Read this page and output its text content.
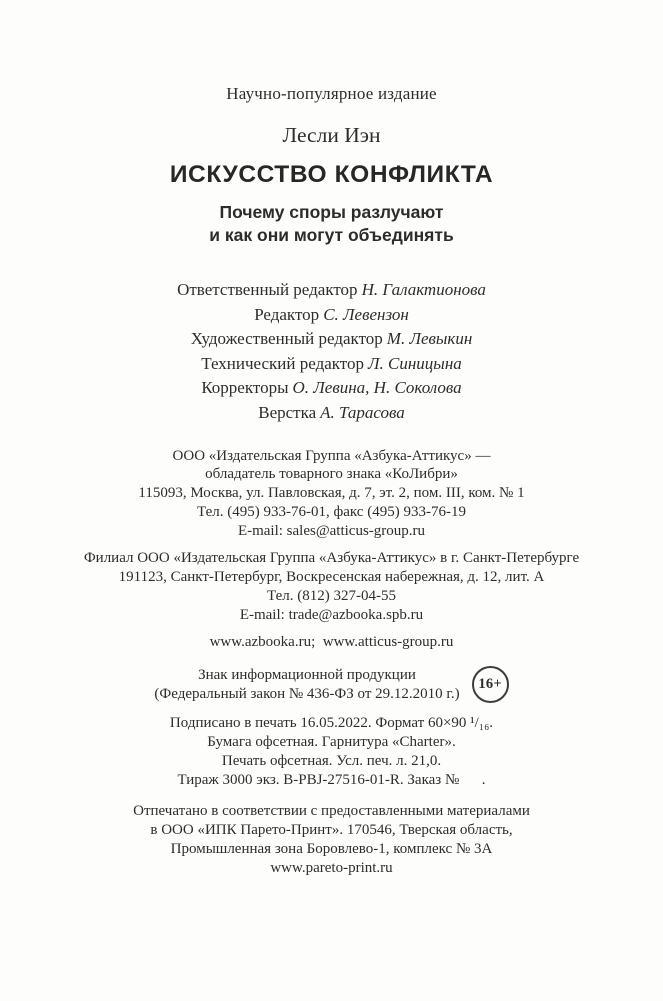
Научно-популярное издание
Лесли Иэн
ИСКУССТВО КОНФЛИКТА
Почему споры разлучают
и как они могут объединять
Ответственный редактор Н. Галактионова
Редактор С. Левензон
Художественный редактор М. Левыкин
Технический редактор Л. Синицына
Корректоры О. Левина, Н. Соколова
Верстка А. Тарасова
ООО «Издательская Группа «Азбука-Аттикус» —
обладатель товарного знака «КоЛибри»
115093, Москва, ул. Павловская, д. 7, эт. 2, пом. III, ком. № 1
Тел. (495) 933-76-01, факс (495) 933-76-19
E-mail: sales@atticus-group.ru
Филиал ООО «Издательская Группа «Азбука-Аттикус» в г. Санкт-Петербурге
191123, Санкт-Петербург, Воскресенская набережная, д. 12, лит. А
Тел. (812) 327-04-55
E-mail: trade@azbooka.spb.ru
www.azbooka.ru;  www.atticus-group.ru
Знак информационной продукции
(Федеральный закон № 436-ФЗ от 29.12.2010 г.)
16+
Подписано в печать 16.05.2022. Формат 60×90 ¹/₁₆.
Бумага офсетная. Гарнитура «Charter».
Печать офсетная. Усл. печ. л. 21,0.
Тираж 3000 экз. B-PBJ-27516-01-R. Заказ №      .
Отпечатано в соответствии с предоставленными материалами
в ООО «ИПК Парето-Принт». 170546, Тверская область,
Промышленная зона Боровлево-1, комплекс № 3А
www.pareto-print.ru
